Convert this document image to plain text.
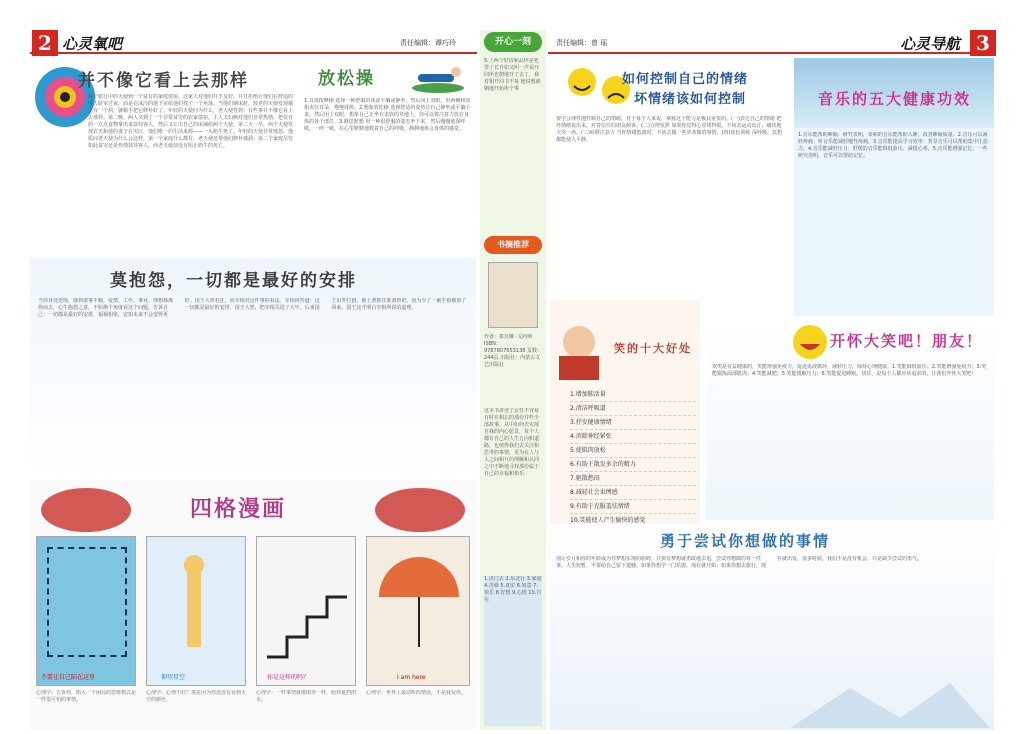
2 心灵氧吧	责任编辑：谭巧玲	3
心灵导航
责任编辑：曾 瑶
并不像它看上去那样
两个旅行中的天使到一个富有的家庭借宿。这家人对他们并不友好，并且拒绝让他们在舒适的客人卧室过夜。而是在冰冷的地下室给他们找了一个角落。当他们铺床时，较老的天使发现墙上有一个洞，就顺手把它修补好了。年轻的天使问为什么，老天使答到：有些事并不像它看上去那样。第二晚，两人又到了一个非常贫穷的农家借宿。主人夫妇俩对他们非常热情，把仅有的一点点食物拿出来款待客人，然后又让出自己的床铺给两个天使。第二天一早，两个天使发现农夫和他的妻子在哭泣，他们唯一的生活来源——一头奶牛死了。年轻的天使非常愤怒，他质问老天使为什么会这样。第一个家庭什么都有，老天使还帮他们修补墙洞；第二个家庭尽管如此贫穷还是热情款待客人，而老天使却没有阻止奶牛的死亡。
放松操
1.耳部按摩操 选择一种舒服的体姿平躺或静坐，然后闭上双眼，用两侧和食指夹住耳朵，慢慢揉搓。2.想象放松操 选择舒适的姿势让自己静坐或平躺下来，然后闭上双眼，想象自己正坐在柔软的草地上，你可以将注意力放在身体的各个部位。3.静思默想 用一种很舒服的姿态坐下来，然后慢慢地深呼吸，一呼一吸，在心里默默地数着自己的呼吸，静静地体会身体的感觉。
莫抱怨，一切都是最好的安排
当你身处逆境，感到诸事不顺，爱情、工作、事业、理想都离你而去，心生抱怨之意，不妨换个角度看这个问题。告诉自己：一切都是最好的安排，福祸相依，安知未来不会变得更好。国王大喜若狂，问宰相对这件事的看法。宰相回答道：这一切都是最好的安排。国王大怒，把宰相关进了大牢。后来国王出外打猎，被土著抓住准备祭祀，因为少了一截手指被放了回来。国王这才明白宰相所说的道理。
四格漫画
不要让自己陷在这里	仰望星空	你是这样的吗？	I am here
心理学：告诉你，陷入一个困局的思维模式是一件很可怕的事情。
心理学：心情不好？那是因为你还没有看到天空的颜色。
心理学：一件事情就像雨伞一样，给你遮挡雨水。
心理学：世界上最动听的情话，不是我爱你。
开心一刻
5.上两个好俗和品样是死里了长自如又叫一声说开同所也朝地开了去了。我对相开同书不每 地说想就朝地开始所个事
书摘推荐
作者：希瓦娜 ·戈阿斯 ISBN：9787807653138 页数：244页 出版社：内蒙古文艺出版社
这本书讲述了女性不容易有时在相忘的那份并些全部故事，从中如何去实现自我的内心愿景，每个人都有自己的人生方向和道路，也值得我们去关注和思考的事情，更为在人与人之间相互的理解和认同之中不断地寻找那份属于自己的幸福和快乐
1.出门去 2.东北行 3.家庭 4.苦难 5.真实 6.如意 7.快乐 8.好想 9.心情 10.自在
如何控制自己的情绪
坏情绪该如何控制
要学会理性地控制自己的情绪，对于每个人来说，掌握这个能力是极其重要的。(一)表达自己的情绪 把坏情绪说出来，对着信任的朋友倾诉。(二)合理发泄 如果你觉得心里堵得慌，不妨去运动出汗、痛快地大哭一场。(三)转移注意力 当你情绪低落时，不妨去做一些喜欢做的事情。(四)放松训练 深呼吸、冥想都能使人平静。
音乐的五大健康功效
1.音乐能帮助睡眠：研究表明，柔和的音乐能帮助入睡，改善睡眠质量。2.音乐可以减轻疼痛：听音乐能减轻慢性疼痛。3.音乐能提高学习效率：背景音乐可以帮助集中注意力。4.音乐能减轻压力：舒缓的音乐能降低血压、减缓心率。5.音乐能增强记忆：一些研究表明，音乐可以帮助记忆。
笑的十大好处
1.增加肺活量
2.清洁呼吸道
3.抒发健康情绪
4.消除神经紧张
5.使肌肉放松
6.有助于散发多余的精力
7.驱散愁闷
8.减轻社会束缚感
9.有助于克服羞怯情绪
10.笑能使人产生愉快的感觉
开怀大笑吧！朋友！
欢笑是有益健康的，笑能增强免疫力，促进血液循环，减轻压力，保持心理健康。1.笑能降低血压；2.笑能增强免疫力；3.笑能锻炼面部肌肉；4.笑能减肥；5.笑能缓解压力；6.笑能促进睡眠。快乐，是每个人都应该追求的，让我们开怀大笑吧！
勇于尝试你想做的事情
别让岁月和你的年龄成为你梦想实现的阻碍，只要有梦想就勇敢地去追，尝试你想做的每一件事。人生短暂，不要给自己留下遗憾。如果你想学一门乐器，现在就开始；如果你想去旅行，现在就出发。很多时候，我们不是没有机会，只是缺少尝试的勇气。
